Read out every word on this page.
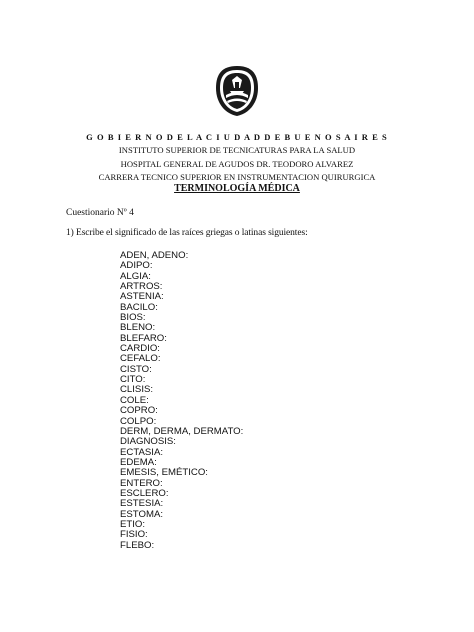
G O B I E R N O D E L A C I U D A D D E B U E N O S A I R E S
INSTITUTO SUPERIOR DE TECNICATURAS PARA LA SALUD
HOSPITAL GENERAL DE AGUDOS DR. TEODORO ALVAREZ
CARRERA TECNICO SUPERIOR EN INSTRUMENTACION QUIRURGICA
TERMINOLOGÍA MÉDICA
Cuestionario Nº 4
1) Escribe el significado de las raíces griegas o latinas siguientes:
ADEN, ADENO:
ADIPO:
ALGIA:
ARTROS:
ASTENIA:
BACILO:
BIOS:
BLENO:
BLEFARO:
CARDIO:
CEFALO:
CISTO:
CITO:
CLISIS:
COLE:
COPRO:
COLPO:
DERM, DERMA, DERMATO:
DIAGNOSIS:
ECTASIA:
EDEMA:
EMESIS, EMÉTICO:
ENTERO:
ESCLERO:
ESTESIA:
ESTOMA:
ETIO:
FISIO:
FLEBO:
